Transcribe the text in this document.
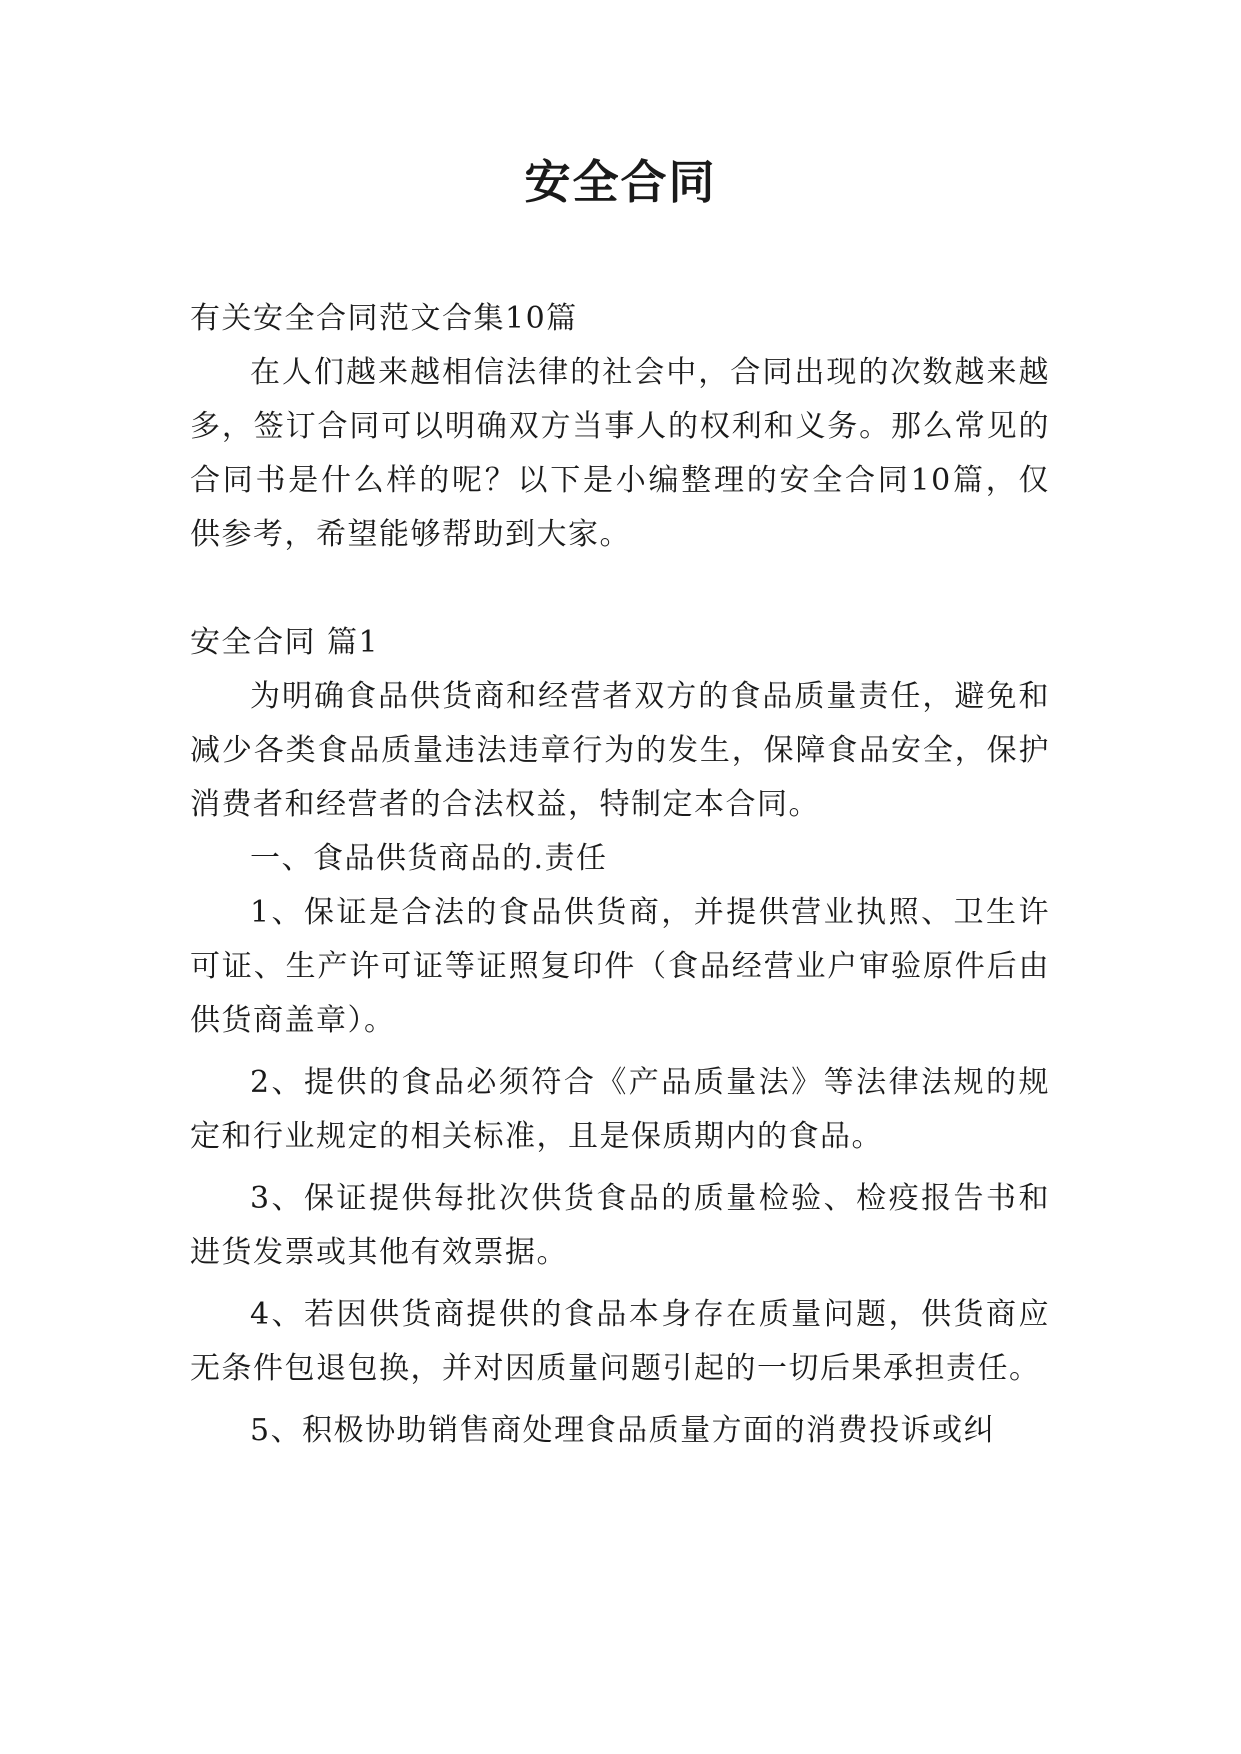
安全合同

有关安全合同范文合集10篇

在人们越来越相信法律的社会中，合同出现的次数越来越多，签订合同可以明确双方当事人的权利和义务。那么常见的合同书是什么样的呢？以下是小编整理的安全合同10篇，仅供参考，希望能够帮助到大家。

安全合同 篇1

为明确食品供货商和经营者双方的食品质量责任，避免和减少各类食品质量违法违章行为的发生，保障食品安全，保护消费者和经营者的合法权益，特制定本合同。

一、食品供货商品的.责任

1、保证是合法的食品供货商，并提供营业执照、卫生许可证、生产许可证等证照复印件（食品经营业户审验原件后由供货商盖章）。

2、提供的食品必须符合《产品质量法》等法律法规的规定和行业规定的相关标准，且是保质期内的食品。

3、保证提供每批次供货食品的质量检验、检疫报告书和进货发票或其他有效票据。

4、若因供货商提供的食品本身存在质量问题，供货商应无条件包退包换，并对因质量问题引起的一切后果承担责任。

5、积极协助销售商处理食品质量方面的消费投诉或纠
